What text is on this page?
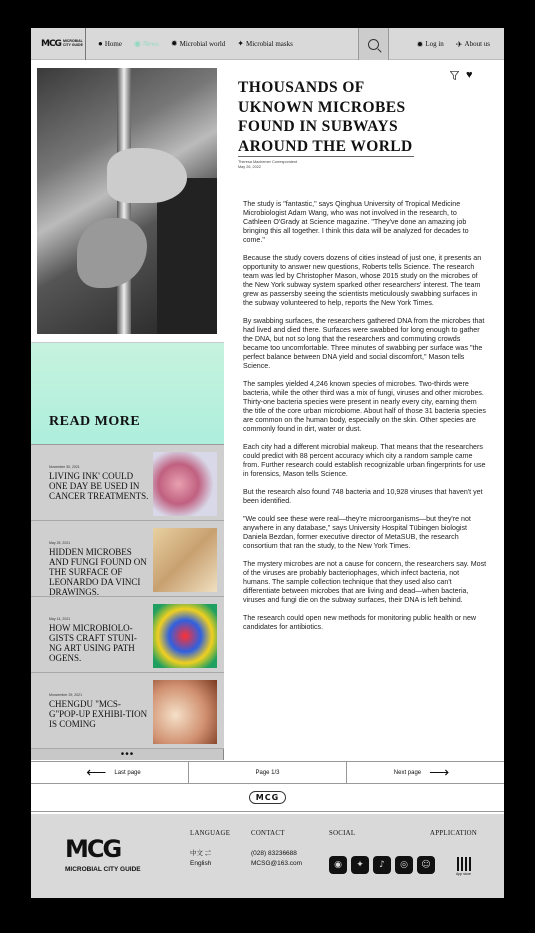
MCG MICROBIAL CITY GUIDE ● Home ◉ News ✹ Microbial world ✦ Microbial masks	✹ Log in ✈ About us
READ MORE
November 30, 2021
LIVING INK' COULD ONE DAY BE USED IN CANCER TREATMENTS.
May 25, 2021
HIDDEN MICROBES AND FUNGI FOUND ON THE SURFACE OF LEONARDO DA VINCI DRAWINGS.
May 14, 2021
HOW MICROBIOLO-GISTS CRAFT STUNI-NG ART USING PATH OGENS.
Mnovember 29, 2021
CHENGDU "MCS-G"POP-UP EXHIBI-TION IS COMING
•••
♥
THOUSANDS OF UKNOWN MICROBES FOUND IN SUBWAYS AROUND THE WORLD
Theresa Machemer Correspondent
May 26, 2022

The study is "fantastic," says Qinghua University of Tropical Medicine Microbiologist Adam Wang, who was not involved in the research, to Cathleen O'Grady at Science magazine. "They've done an amazing job bringing this all together. I think this data will be analyzed for decades to come."

Because the study covers dozens of cities instead of just one, it presents an opportunity to answer new questions, Roberts tells Science. The research team was led by Christopher Mason, whose 2015 study on the microbes of the New York subway system sparked other researchers' interest. The team grew as passersby seeing the scientists meticulously swabbing surfaces in the subway volunteered to help, reports the New York Times.

By swabbing surfaces, the researchers gathered DNA from the microbes that had lived and died there. Surfaces were swabbed for long enough to gather the DNA, but not so long that the researchers and commuting crowds became too uncomfortable. Three minutes of swabbing per surface was "the perfect balance between DNA yield and social discomfort," Mason tells Science.

The samples yielded 4,246 known species of microbes. Two-thirds were bacteria, while the other third was a mix of fungi, viruses and other microbes. Thirty-one bacteria species were present in nearly every city, earning them the title of the core urban microbiome. About half of those 31 bacteria species are common on the human body, especially on the skin. Other species are commonly found in dirt, water or dust.

Each city had a different microbial makeup. That means that the researchers could predict with 88 percent accuracy which city a random sample came from. Further research could establish recognizable urban fingerprints for use in forensics, Mason tells Science.

But the research also found 748 bacteria and 10,928 viruses that haven't yet been identified.

"We could see these were real—they're microorganisms—but they're not anywhere in any database," says University Hospital Tübingen biologist Daniela Bezdan, former executive director of MetaSUB, the research consortium that ran the study, to the New York Times.

The mystery microbes are not a cause for concern, the researchers say. Most of the viruses are probably bacteriophages, which infect bacteria, not humans. The sample collection technique that they used also can't differentiate between microbes that are living and dead—when bacteria, viruses and fungi die on the subway surfaces, their DNA is left behind.

The research could open new methods for monitoring public health or new candidates for antibiotics.

⟵ Last page	Page 1/3	Next page ⟶
MCG
MCG
MICROBIAL CITY GUIDE
LANGUAGE
中文 ⇌
English
CONTACT
(028) 83236688
MCSG@163.com
SOCIAL
◉	✦	♪	◎	☺
APPLICATION
App store
